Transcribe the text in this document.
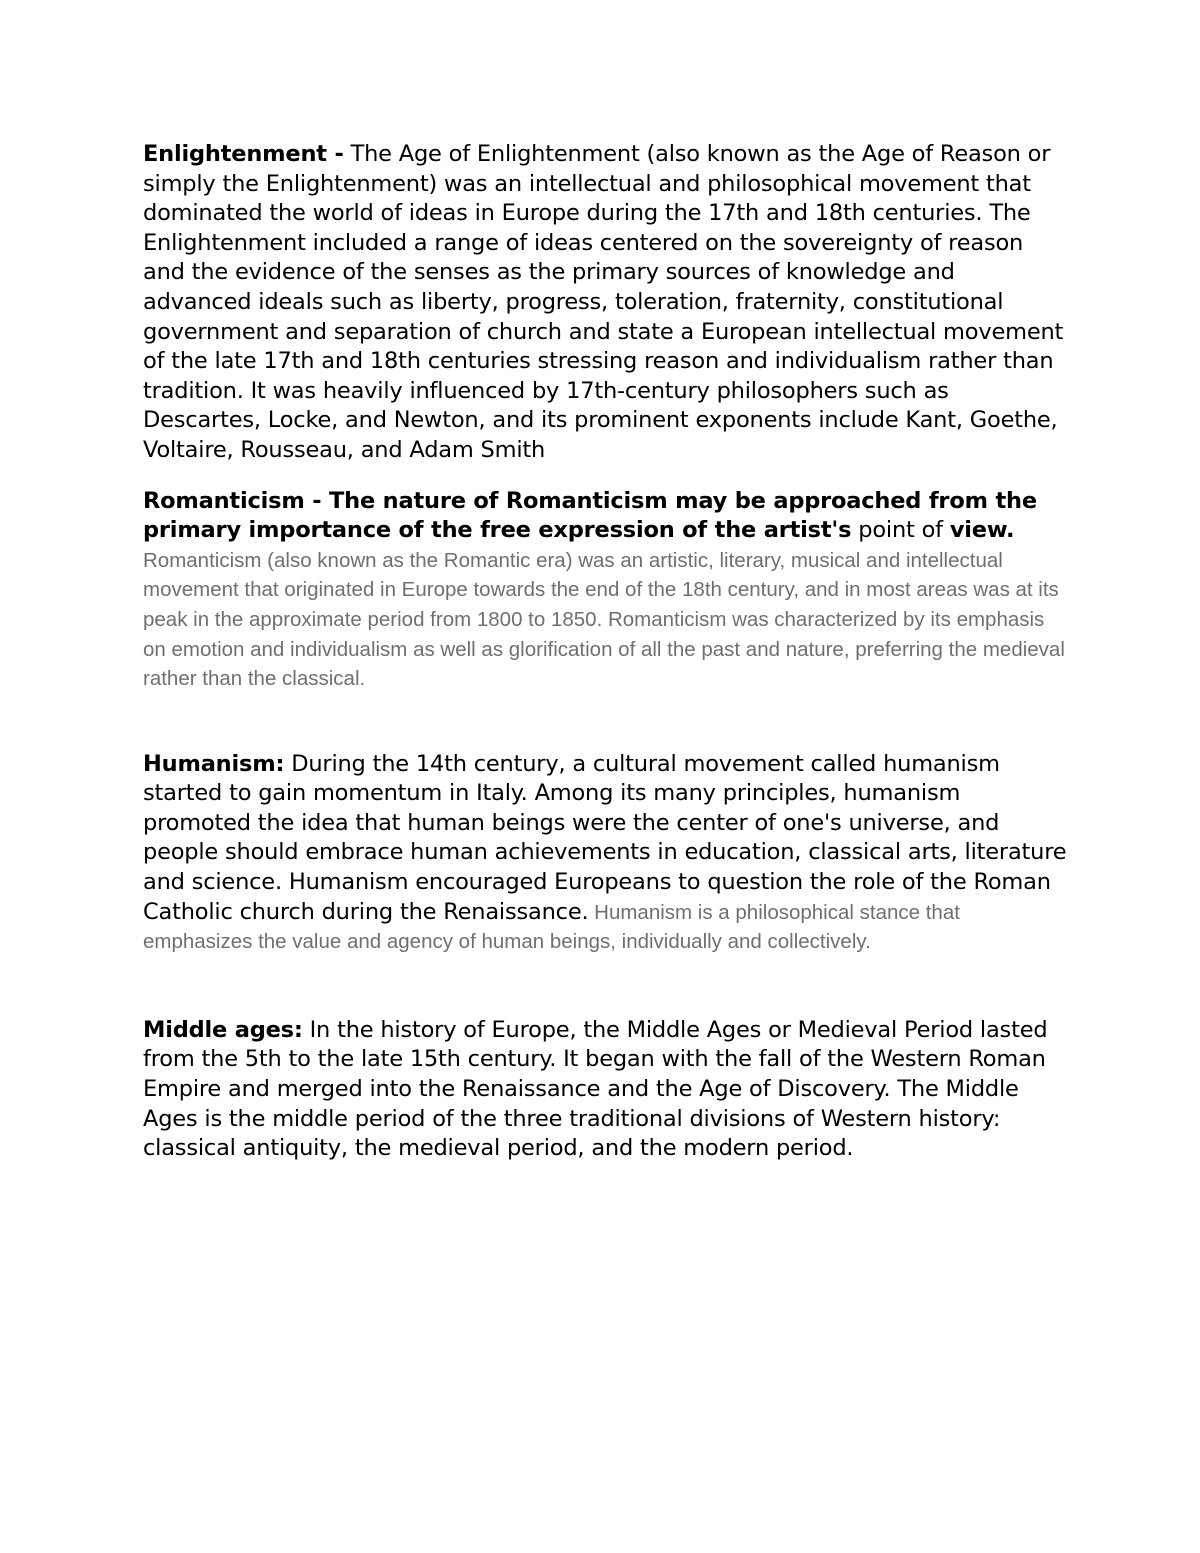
Enlightenment - The Age of Enlightenment (also known as the Age of Reason or simply the Enlightenment) was an intellectual and philosophical movement that dominated the world of ideas in Europe during the 17th and 18th centuries. The Enlightenment included a range of ideas centered on the sovereignty of reason and the evidence of the senses as the primary sources of knowledge and advanced ideals such as liberty, progress, toleration, fraternity, constitutional government and separation of church and state a European intellectual movement of the late 17th and 18th centuries stressing reason and individualism rather than tradition. It was heavily influenced by 17th-century philosophers such as Descartes, Locke, and Newton, and its prominent exponents include Kant, Goethe, Voltaire, Rousseau, and Adam Smith

Romanticism - The nature of Romanticism may be approached from the primary importance of the free expression of the artist's point of view. Romanticism (also known as the Romantic era) was an artistic, literary, musical and intellectual movement that originated in Europe towards the end of the 18th century, and in most areas was at its peak in the approximate period from 1800 to 1850. Romanticism was characterized by its emphasis on emotion and individualism as well as glorification of all the past and nature, preferring the medieval rather than the classical.

Humanism: During the 14th century, a cultural movement called humanism started to gain momentum in Italy. Among its many principles, humanism promoted the idea that human beings were the center of one's universe, and people should embrace human achievements in education, classical arts, literature and science. Humanism encouraged Europeans to question the role of the Roman Catholic church during the Renaissance. Humanism is a philosophical stance that emphasizes the value and agency of human beings, individually and collectively.

Middle ages: In the history of Europe, the Middle Ages or Medieval Period lasted from the 5th to the late 15th century. It began with the fall of the Western Roman Empire and merged into the Renaissance and the Age of Discovery. The Middle Ages is the middle period of the three traditional divisions of Western history: classical antiquity, the medieval period, and the modern period.
